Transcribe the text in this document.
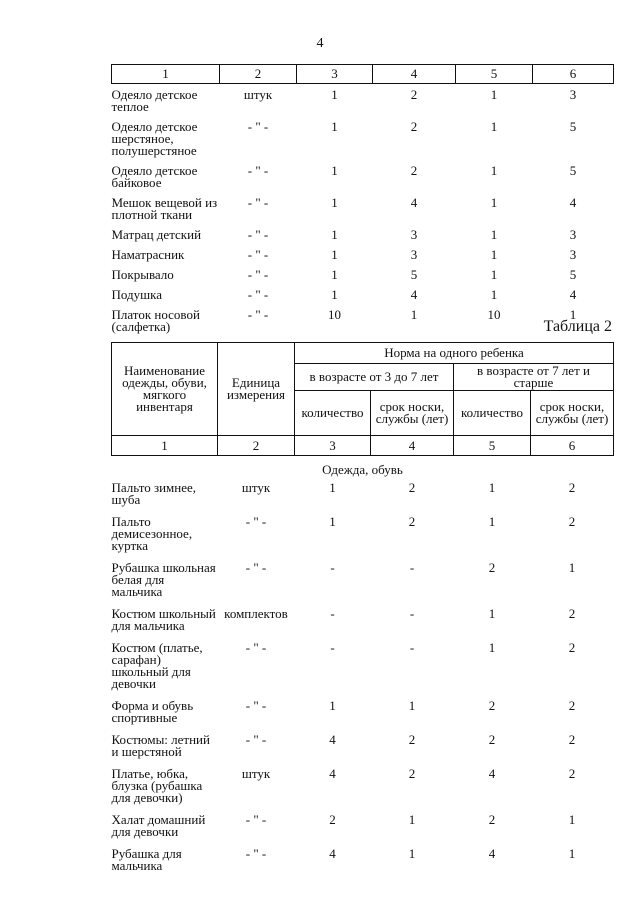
4
1	2	3	4	5	6
Одеяло детское теплое	штук	1	2	1	3
Одеяло детское шерстяное, полушерстяное	- " -	1	2	1	5
Одеяло детское байковое	- " -	1	2	1	5
Мешок вещевой из плотной ткани	- " -	1	4	1	4
Матрац детский	- " -	1	3	1	3
Наматрасник	- " -	1	3	1	3
Покрывало	- " -	1	5	1	5
Подушка	- " -	1	4	1	4
Платок носовой (салфетка)	- " -	10	1	10	1
Таблица 2
Наименование одежды, обуви, мягкого инвентаря	Единица измерения	Норма на одного ребенка			
		в возрасте от 3 до 7 лет		в возрасте от 7 лет и старше	
		количество	срок носки, службы (лет)	количество	срок носки, службы (лет)
1	2	3	4	5	6
Одежда, обувь					
Пальто зимнее, шуба	штук	1	2	1	2
Пальто демисезонное, куртка	- " -	1	2	1	2
Рубашка школьная белая для мальчика	- " -	-	-	2	1
Костюм школьный для мальчика	комплектов	-	-	1	2
Костюм (платье, сарафан) школьный для девочки	- " -	-	-	1	2
Форма и обувь спортивные	- " -	1	1	2	2
Костюмы: летний и шерстяной	- " -	4	2	2	2
Платье, юбка, блузка (рубашка для девочки)	штук	4	2	4	2
Халат домашний для девочки	- " -	2	1	2	1
Рубашка для мальчика	- " -	4	1	4	1
